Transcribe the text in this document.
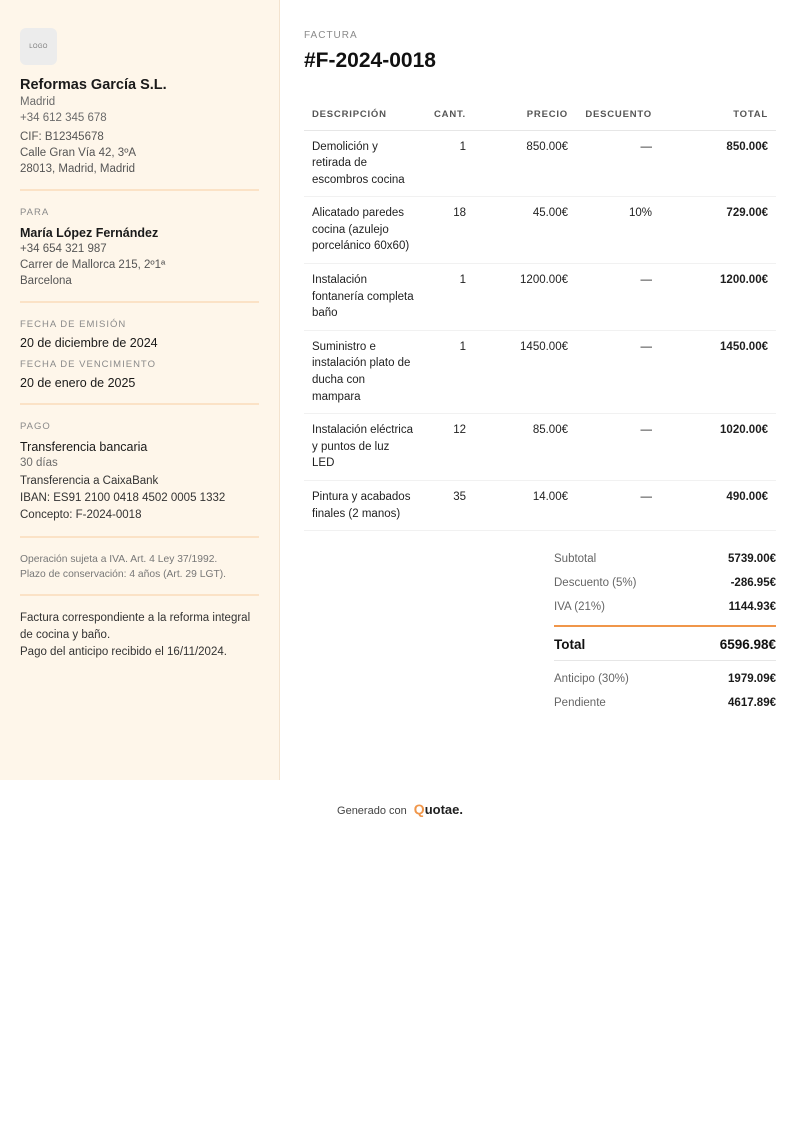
LOGO
Reformas García S.L.
Madrid
+34 612 345 678
CIF: B12345678
Calle Gran Vía 42, 3ºA
28013, Madrid, Madrid
PARA
María López Fernández
+34 654 321 987
Carrer de Mallorca 215, 2º1ª
Barcelona
FECHA DE EMISIÓN
20 de diciembre de 2024
FECHA DE VENCIMIENTO
20 de enero de 2025
PAGO
Transferencia bancaria
30 días
Transferencia a CaixaBank
IBAN: ES91 2100 0418 4502 0005 1332
Concepto: F-2024-0018
Operación sujeta a IVA. Art. 4 Ley 37/1992.
Plazo de conservación: 4 años (Art. 29 LGT).
Factura correspondiente a la reforma integral
de cocina y baño.
Pago del anticipo recibido el 16/11/2024.
FACTURA
#F-2024-0018
DESCRIPCIÓN	CANT.	PRECIO	DESCUENTO	TOTAL
Demolición y retirada de escombros cocina	1	850.00€	—	850.00€
Alicatado paredes cocina (azulejo porcelánico 60x60)	18	45.00€	10%	729.00€
Instalación fontanería completa baño	1	1200.00€	—	1200.00€
Suministro e instalación plato de ducha con mampara	1	1450.00€	—	1450.00€
Instalación eléctrica y puntos de luz LED	12	85.00€	—	1020.00€
Pintura y acabados finales (2 manos)	35	14.00€	—	490.00€
Subtotal	5739.00€
Descuento (5%)	-286.95€
IVA (21%)	1144.93€
Total	6596.98€
Anticipo (30%)	1979.09€
Pendiente	4617.89€
Generado con Quotae.
